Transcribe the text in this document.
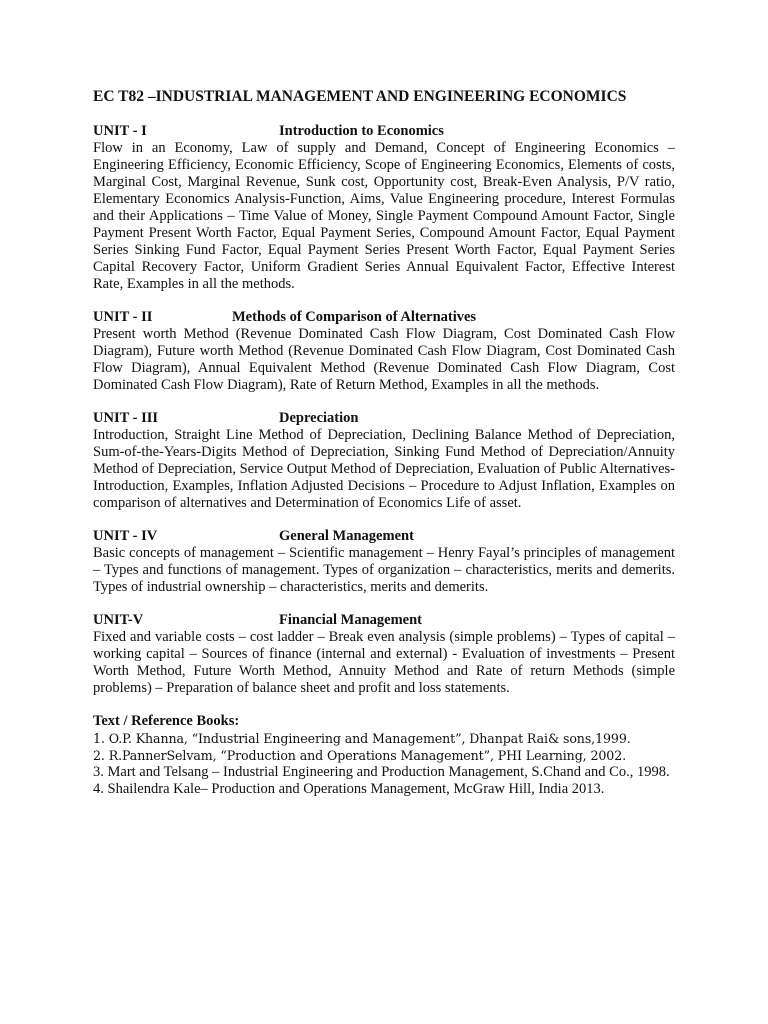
EC T82 –INDUSTRIAL MANAGEMENT AND ENGINEERING ECONOMICS
UNIT - I	Introduction to Economics

Flow in an Economy, Law of supply and Demand, Concept of Engineering Economics – Engineering Efficiency, Economic Efficiency, Scope of Engineering Economics, Elements of costs, Marginal Cost, Marginal Revenue, Sunk cost, Opportunity cost, Break-Even Analysis, P/V ratio, Elementary Economics Analysis-Function, Aims, Value Engineering procedure, Interest Formulas and their Applications – Time Value of Money, Single Payment Compound Amount Factor, Single Payment Present Worth Factor, Equal Payment Series, Compound Amount Factor, Equal Payment Series Sinking Fund Factor, Equal Payment Series Present Worth Factor, Equal Payment Series Capital Recovery Factor, Uniform Gradient Series Annual Equivalent Factor, Effective Interest Rate, Examples in all the methods.

UNIT - II	Methods of Comparison of Alternatives

Present worth Method (Revenue Dominated Cash Flow Diagram, Cost Dominated Cash Flow Diagram), Future worth Method (Revenue Dominated Cash Flow Diagram, Cost Dominated Cash Flow Diagram), Annual Equivalent Method (Revenue Dominated Cash Flow Diagram, Cost Dominated Cash Flow Diagram), Rate of Return Method, Examples in all the methods.

UNIT - III	Depreciation

Introduction, Straight Line Method of Depreciation, Declining Balance Method of Depreciation, Sum-of-the-Years-Digits Method of Depreciation, Sinking Fund Method of Depreciation/Annuity Method of Depreciation, Service Output Method of Depreciation, Evaluation of Public Alternatives- Introduction, Examples, Inflation Adjusted Decisions – Procedure to Adjust Inflation, Examples on comparison of alternatives and Determination of Economics Life of asset.

UNIT - IV	General Management

Basic concepts of management – Scientific management – Henry Fayal’s principles of management – Types and functions of management. Types of organization – characteristics, merits and demerits. Types of industrial ownership – characteristics, merits and demerits.

UNIT-V	Financial Management

Fixed and variable costs – cost ladder – Break even analysis (simple problems) – Types of capital – working capital – Sources of finance (internal and external) - Evaluation of investments – Present Worth Method, Future Worth Method, Annuity Method and Rate of return Methods (simple problems) – Preparation of balance sheet and profit and loss statements.

Text / Reference Books:

1. O.P. Khanna, “Industrial Engineering and Management”, Dhanpat Rai& sons,1999.

2. R.PannerSelvam, “Production and Operations Management”, PHI Learning, 2002.

3. Mart and Telsang – Industrial Engineering and Production Management, S.Chand and Co., 1998.

4. Shailendra Kale– Production and Operations Management, McGraw Hill, India 2013.
